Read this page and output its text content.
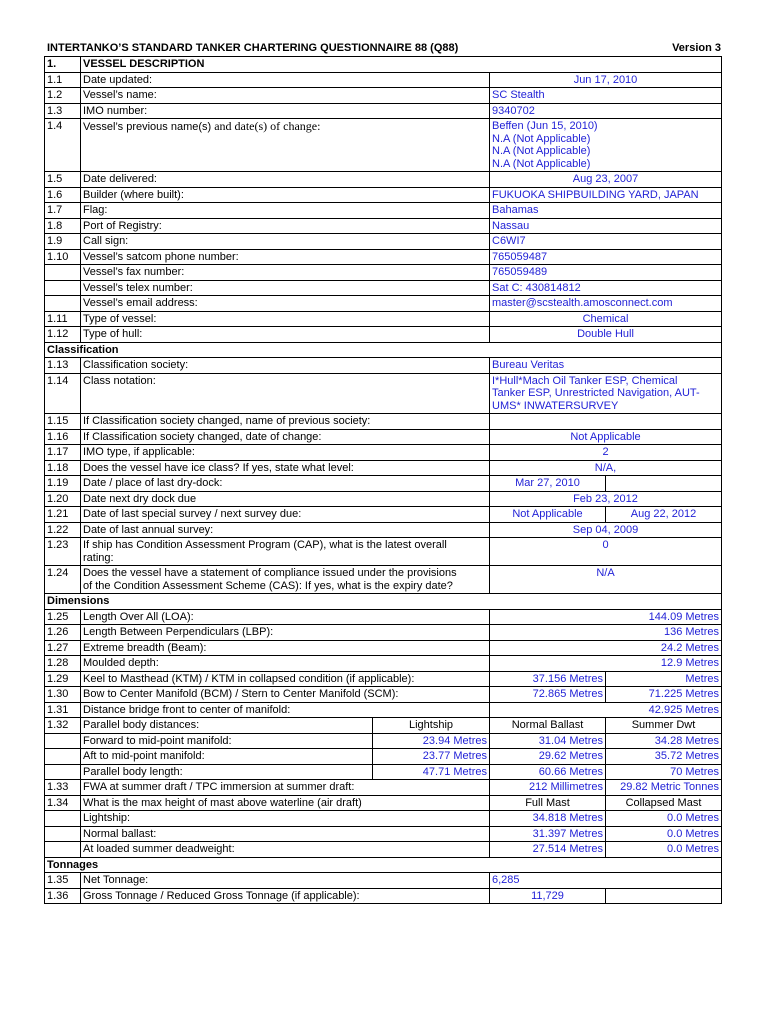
INTERTANKO’S STANDARD TANKER CHARTERING QUESTIONNAIRE 88 (Q88)	Version 3
1.	VESSEL DESCRIPTION			
1.1	Date updated:		Jun 17, 2010	
1.2	Vessel’s name:		SC Stealth	
1.3	IMO number:		9340702	
1.4	Vessel’s previous name(s) and date(s) of change:		Beffen (Jun 15, 2010)
N.A (Not Applicable)
N.A (Not Applicable)
N.A (Not Applicable)	

1.5	Date delivered:		Aug 23, 2007	
1.6	Builder (where built):		FUKUOKA SHIPBUILDING YARD, JAPAN	
1.7	Flag:		Bahamas	
1.8	Port of Registry:		Nassau	
1.9	Call sign:		C6WI7	
1.10	Vessel’s satcom phone number:		765059487	
	Vessel’s fax number:		765059489	
	Vessel’s telex number:		Sat C: 430814812	
	Vessel’s email address:		master@scstealth.amosconnect.com	
1.11	Type of vessel:		Chemical	
1.12	Type of hull:		Double Hull	
Classification				
1.13	Classification society:		Bureau Veritas	
1.14	Class notation:		I*Hull*Mach Oil Tanker ESP, Chemical
Tanker ESP, Unrestricted Navigation, AUT-
UMS* INWATERSURVEY	

1.15	If Classification society changed, name of previous society:			
1.16	If Classification society changed, date of change:		Not Applicable	
1.17	IMO type, if applicable:		2	
1.18	Does the vessel have ice class? If yes, state what level:		N/A,	
1.19	Date / place of last dry-dock:		Mar 27, 2010	
1.20	Date next dry dock due		Feb 23, 2012	
1.21	Date of last special survey / next survey due:		Not Applicable	Aug 22, 2012
1.22	Date of last annual survey:		Sep 04, 2009	
1.23	If ship has Condition Assessment Program (CAP), what is the latest overall
rating:		0	
1.24	Does the vessel have a statement of compliance issued under the provisions
of the Condition Assessment Scheme (CAS): If yes, what is the expiry date?		N/A	
Dimensions				
1.25	Length Over All (LOA):		144.09 Metres	
1.26	Length Between Perpendiculars (LBP):		136 Metres	
1.27	Extreme breadth (Beam):		24.2 Metres	
1.28	Moulded depth:		12.9 Metres	
1.29	Keel to Masthead (KTM) / KTM in collapsed condition (if applicable):		37.156 Metres	Metres
1.30	Bow to Center Manifold (BCM) / Stern to Center Manifold (SCM):		72.865 Metres	71.225 Metres
1.31	Distance bridge front to center of manifold:		42.925 Metres	
1.32	Parallel body distances:	Lightship	Normal Ballast	Summer Dwt
	Forward to mid-point manifold:	23.94 Metres	31.04 Metres	34.28 Metres
	Aft to mid-point manifold:	23.77 Metres	29.62 Metres	35.72 Metres
	Parallel body length:	47.71 Metres	60.66 Metres	70 Metres
1.33	FWA at summer draft / TPC immersion at summer draft:		212 Millimetres	29.82 Metric Tonnes
1.34	What is the max height of mast above waterline (air draft)		Full Mast	Collapsed Mast
	Lightship:		34.818 Metres	0.0 Metres
	Normal ballast:		31.397 Metres	0.0 Metres
	At loaded summer deadweight:		27.514 Metres	0.0 Metres
Tonnages				
1.35	Net Tonnage:		6,285	
1.36	Gross Tonnage / Reduced Gross Tonnage (if applicable):		11,729	
